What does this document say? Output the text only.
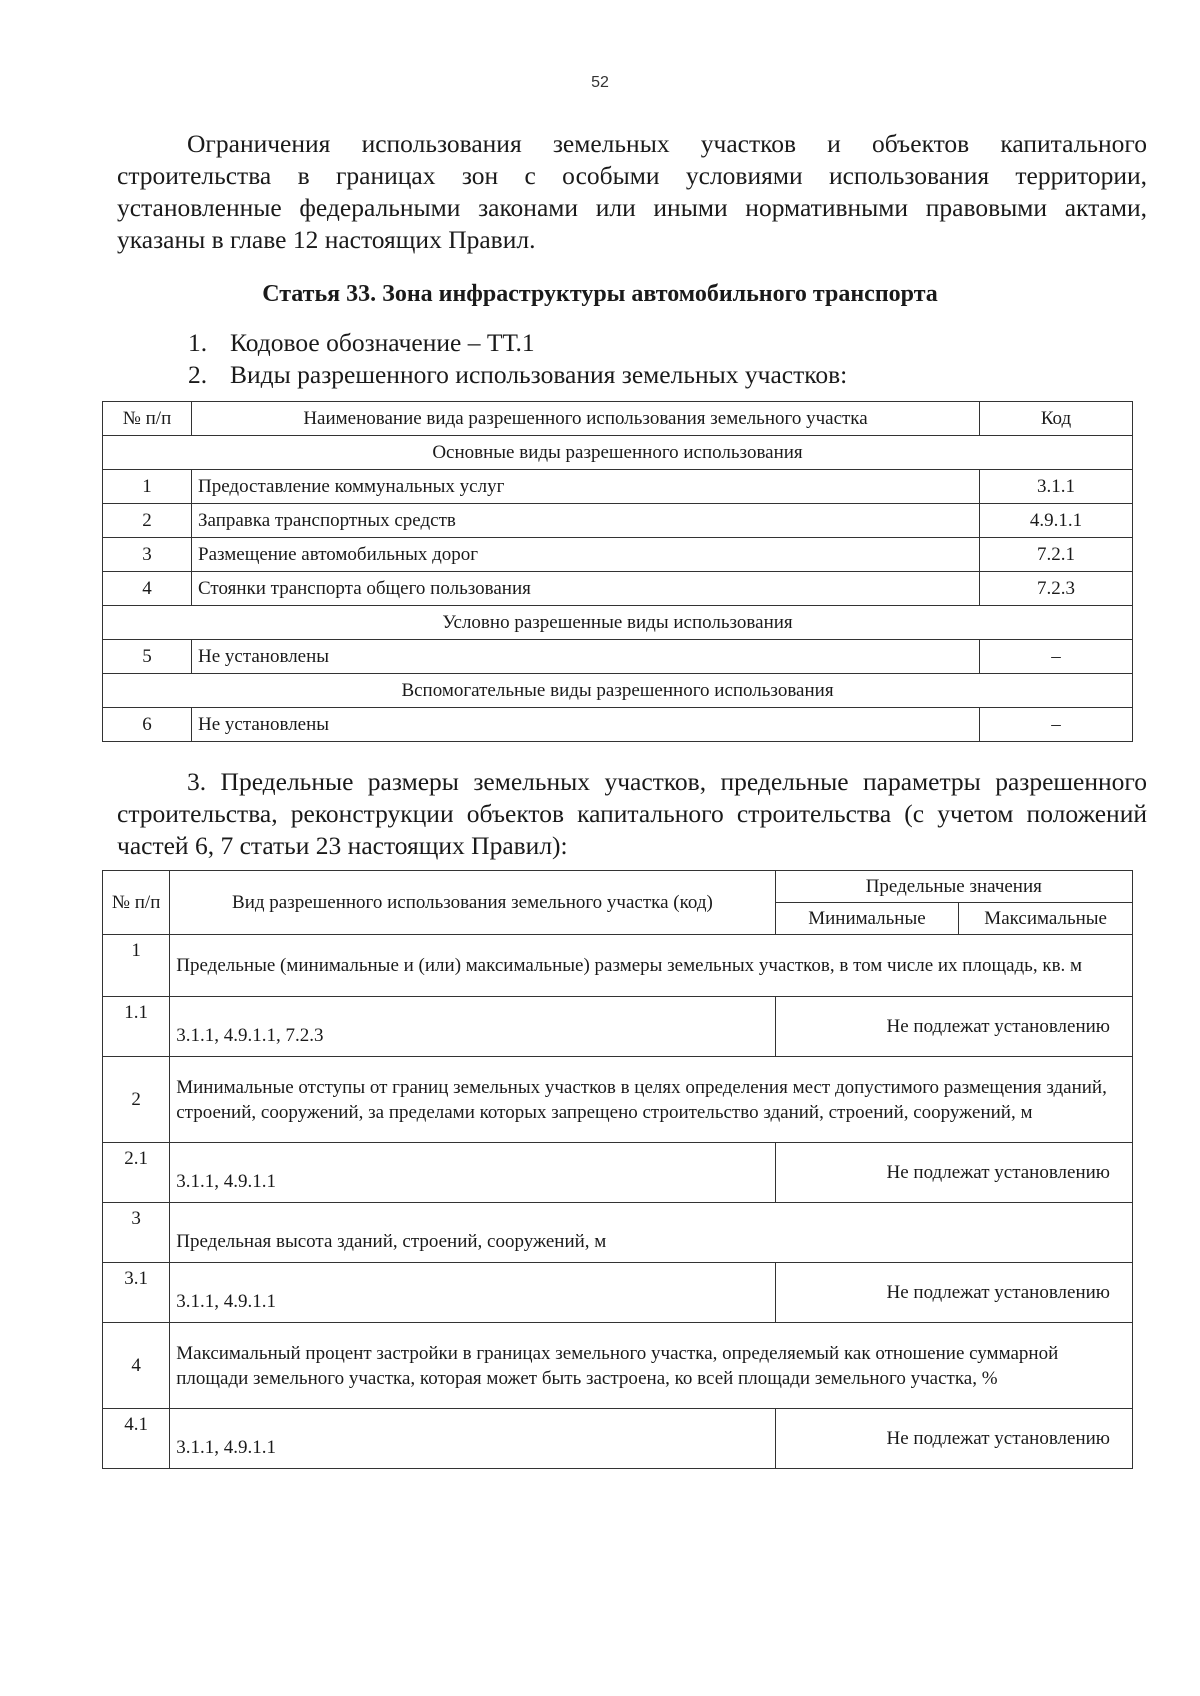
52
Ограничения использования земельных участков и объектов капитального строительства в границах зон с особыми условиями использования территории, установленные федеральными законами или иными нормативными правовыми актами, указаны в главе 12 настоящих Правил.
Статья 33. Зона инфраструктуры автомобильного транспорта
1. Кодовое обозначение – ТТ.1
2. Виды разрешенного использования земельных участков:
№ п/п	Наименование вида разрешенного использования земельного участка	Код
Основные виды разрешенного использования		
1	Предоставление коммунальных услуг	3.1.1
2	Заправка транспортных средств	4.9.1.1
3	Размещение автомобильных дорог	7.2.1
4	Стоянки транспорта общего пользования	7.2.3
Условно разрешенные виды использования		
5	Не установлены	–
Вспомогательные виды разрешенного использования		
6	Не установлены	–
3. Предельные размеры земельных участков, предельные параметры разрешенного строительства, реконструкции объектов капитального строительства (с учетом положений частей 6, 7 статьи 23 настоящих Правил):
№ п/п	Вид разрешенного использования земельного участка (код)	Предельные значения	
		Минимальные	Максимальные
1	Предельные (минимальные и (или) максимальные) размеры земельных участков, в том числе их площадь, кв. м		
1.1	3.1.1, 4.9.1.1, 7.2.3	Не подлежат установлению	
2	Минимальные отступы от границ земельных участков в целях определения мест допустимого размещения зданий, строений, сооружений, за пределами которых запрещено строительство зданий, строений, сооружений, м		
2.1	3.1.1, 4.9.1.1	Не подлежат установлению	
3	Предельная высота зданий, строений, сооружений, м		
3.1	3.1.1, 4.9.1.1	Не подлежат установлению	
4	Максимальный процент застройки в границах земельного участка, определяемый как отношение суммарной площади земельного участка, которая может быть застроена, ко всей площади земельного участка, %		
4.1	3.1.1, 4.9.1.1	Не подлежат установлению	
